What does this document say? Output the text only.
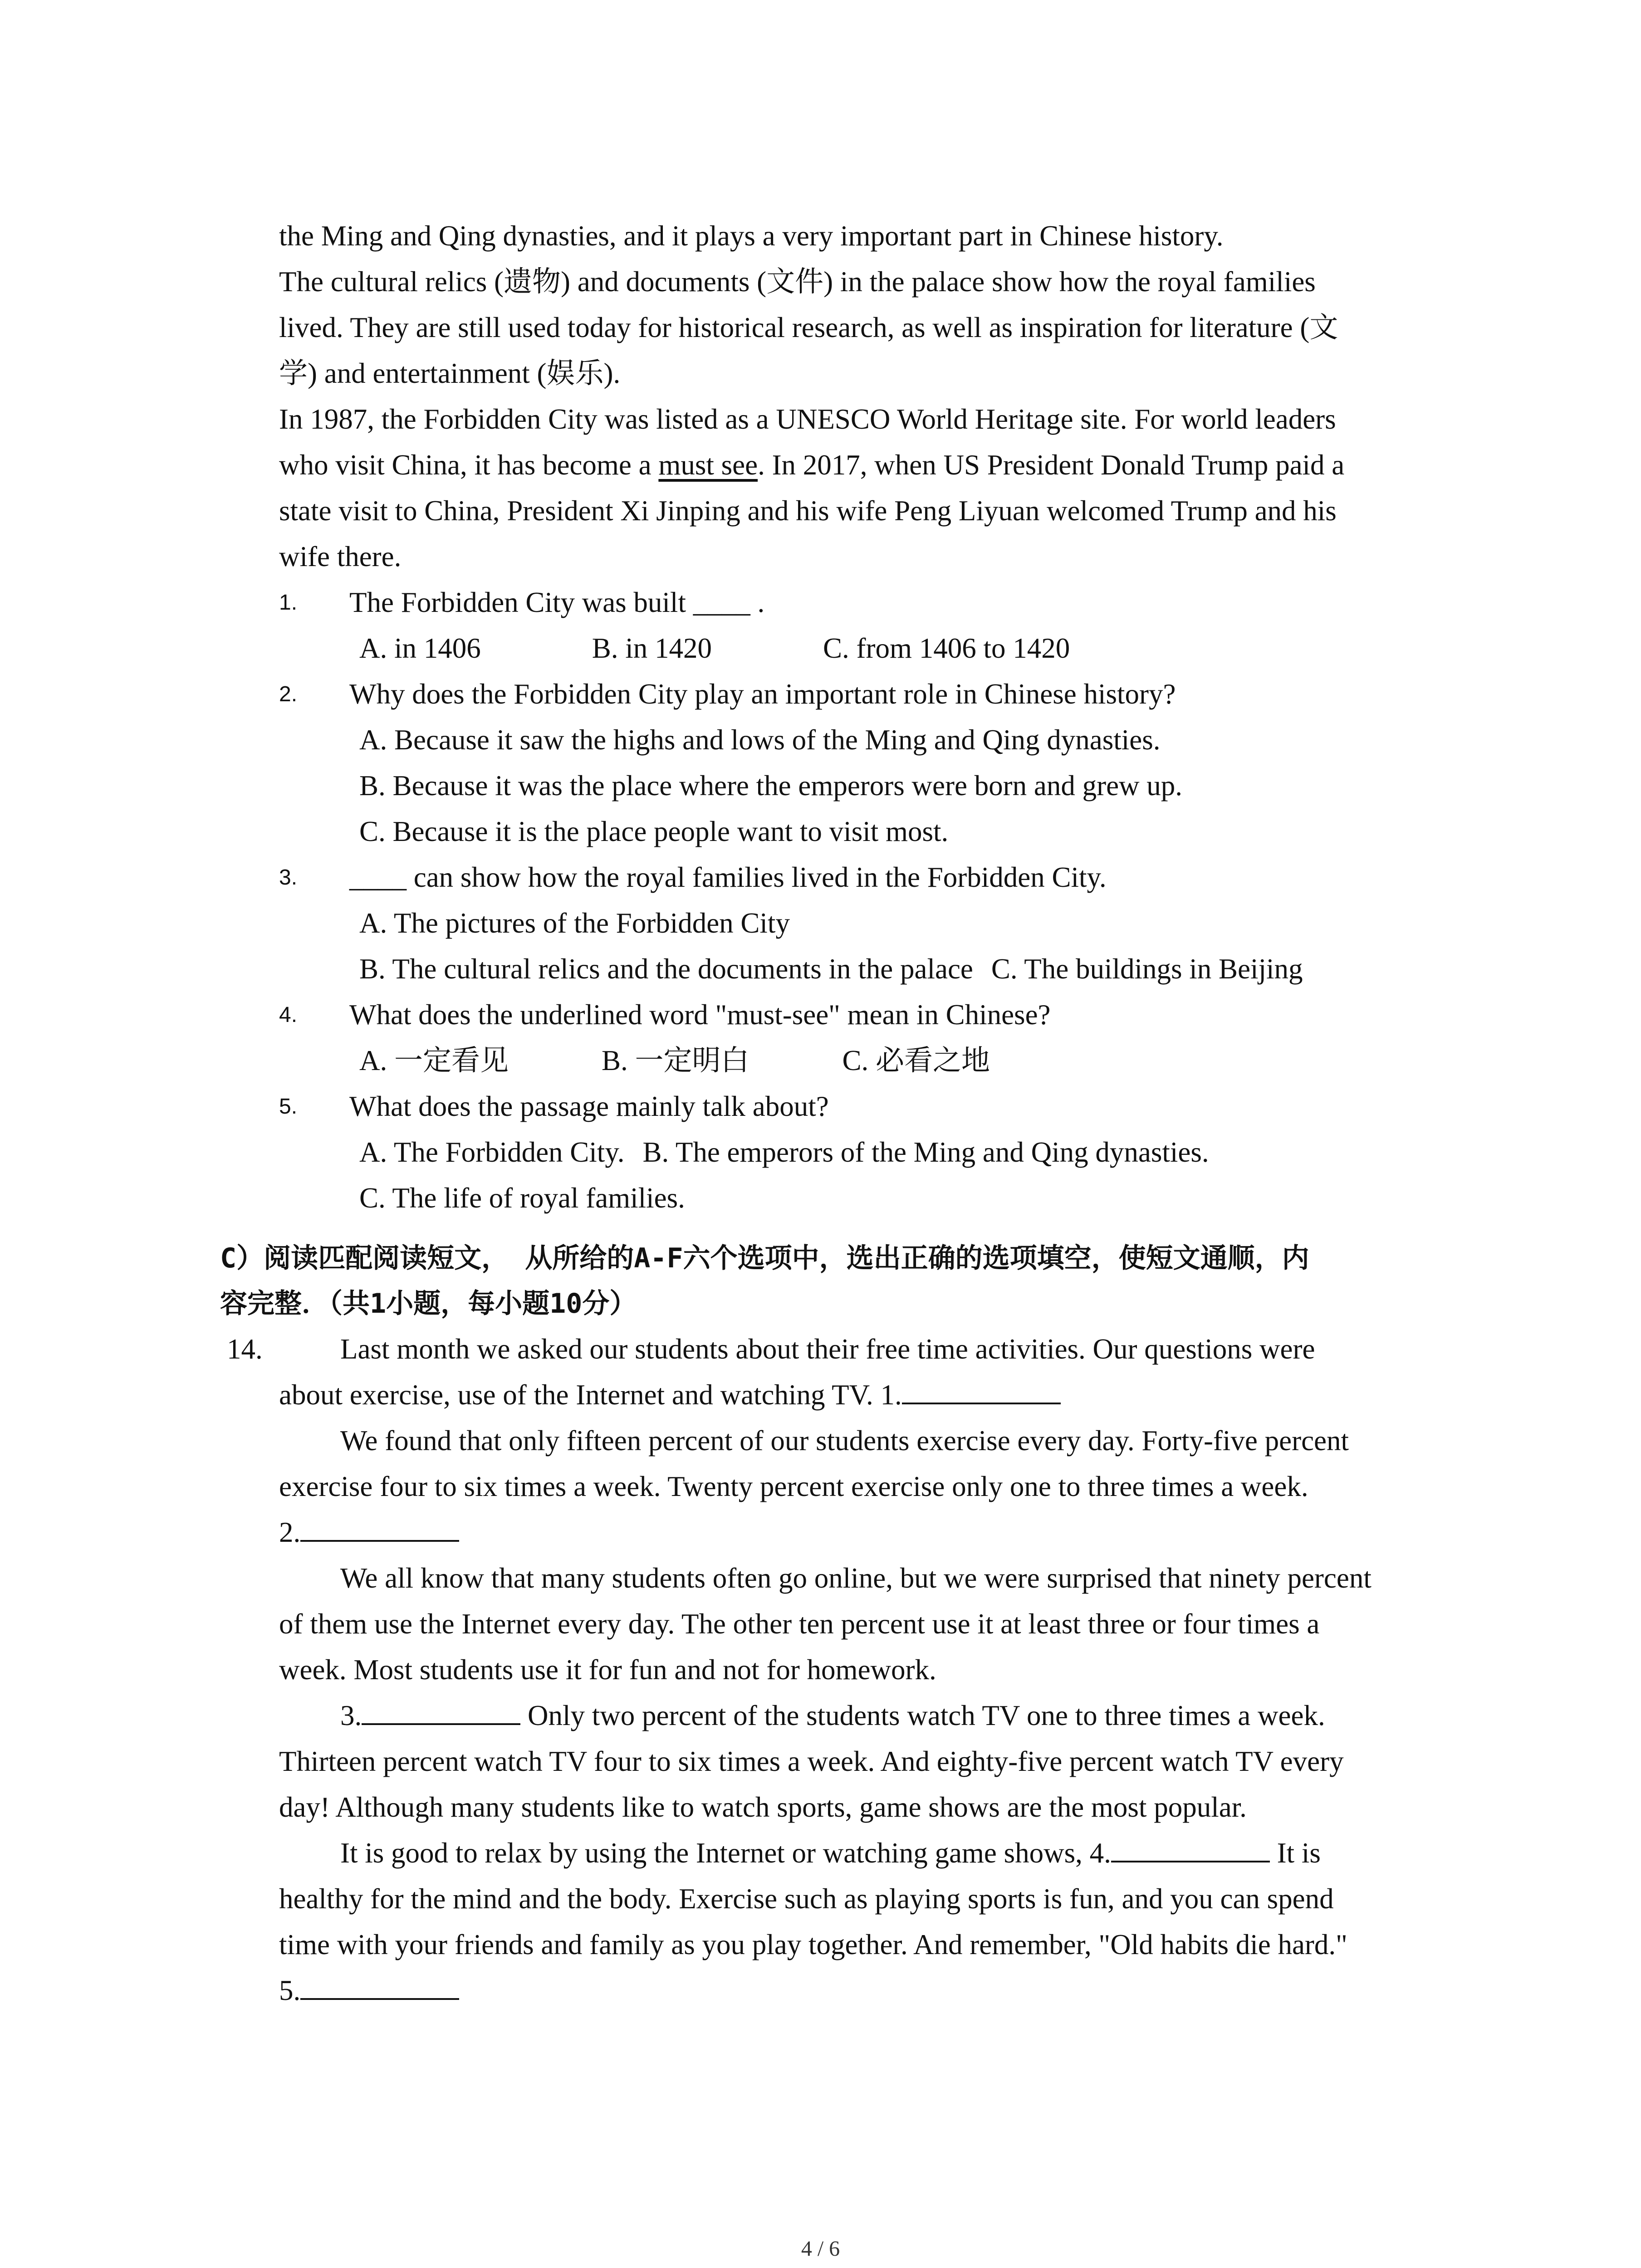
the Ming and Qing dynasties, and it plays a very important part in Chinese history.

The cultural relics (遗物) and documents (文件) in the palace show how the royal families

lived. They are still used today for historical research, as well as inspiration for literature (文

学) and entertainment (娱乐).

In 1987, the Forbidden City was listed as a UNESCO World Heritage site. For world leaders

who visit China, it has become a must see. In 2017, when US President Donald Trump paid a

state visit to China, President Xi Jinping and his wife Peng Liyuan welcomed Trump and his

wife there.

1. The Forbidden City was built ____ .

A. in 1406	B. in 1420	C. from 1406 to 1420

2. Why does the Forbidden City play an important role in Chinese history?

A. Because it saw the highs and lows of the Ming and Qing dynasties.

B. Because it was the place where the emperors were born and grew up.

C. Because it is the place people want to visit most.

3. ____ can show how the royal families lived in the Forbidden City.

A. The pictures of the Forbidden City

B. The cultural relics and the documents in the palace C. The buildings in Beijing

4. What does the underlined word "must-see" mean in Chinese?

A. 一定看见	B. 一定明白	C. 必看之地

5. What does the passage mainly talk about?

A. The Forbidden City. B. The emperors of the Ming and Qing dynasties.

C. The life of royal families.

C）阅读匹配阅读短文， 从所给的A-F六个选项中，选出正确的选项填空，使短文通顺，内

容完整．（共1小题，每小题10分）

14.	Last month we asked our students about their free time activities. Our questions were

about exercise, use of the Internet and watching TV. 1.

We found that only fifteen percent of our students exercise every day. Forty-five percent

exercise four to six times a week. Twenty percent exercise only one to three times a week.

2.

We all know that many students often go online, but we were surprised that ninety percent

of them use the Internet every day. The other ten percent use it at least three or four times a

week. Most students use it for fun and not for homework.

3.	Only two percent of the students watch TV one to three times a week.

Thirteen percent watch TV four to six times a week. And eighty-five percent watch TV every

day! Although many students like to watch sports, game shows are the most popular.

It is good to relax by using the Internet or watching game shows, 4.	It is

healthy for the mind and the body. Exercise such as playing sports is fun, and you can spend

time with your friends and family as you play together. And remember, "Old habits die hard."

5.

4 / 6
